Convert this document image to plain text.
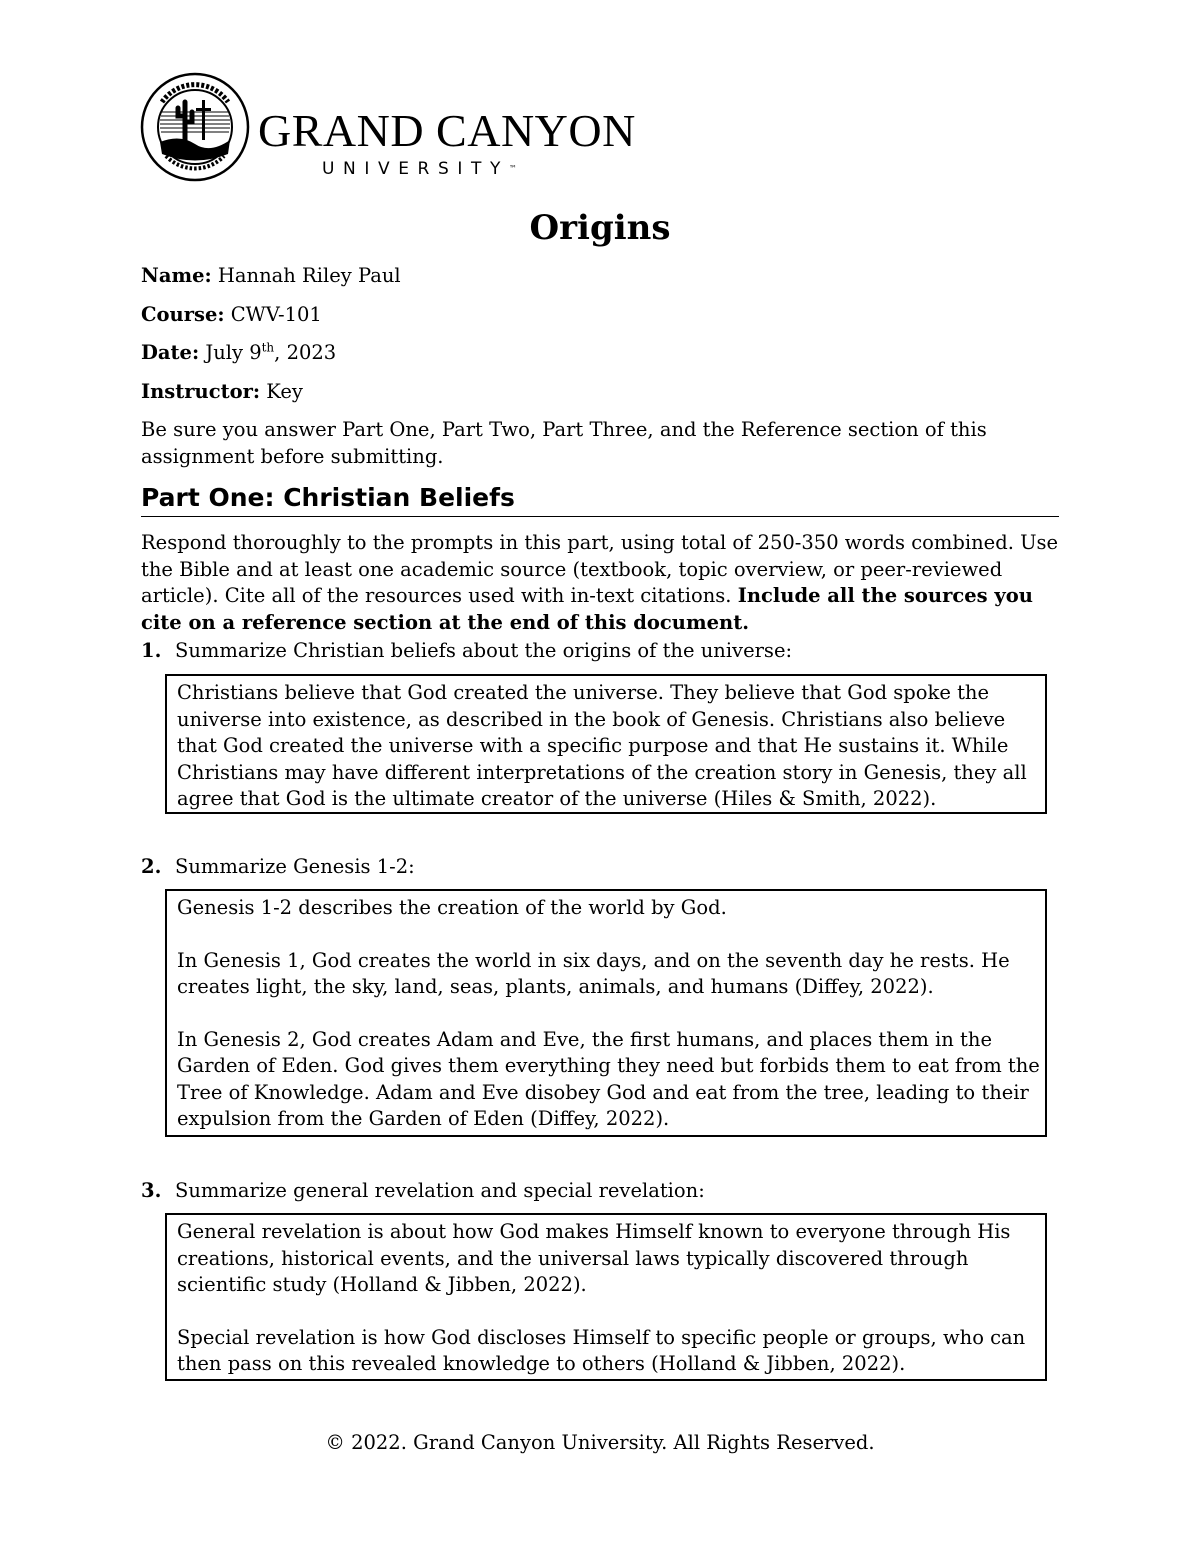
GRAND CANYON
UNIVERSITY™
Origins
Name: Hannah Riley Paul
Course: CWV-101
Date: July 9th, 2023
Instructor: Key
Be sure you answer Part One, Part Two, Part Three, and the Reference section of this assignment before submitting.
Part One: Christian Beliefs
Respond thoroughly to the prompts in this part, using total of 250-350 words combined. Use the Bible and at least one academic source (textbook, topic overview, or peer-reviewed article). Cite all of the resources used with in-text citations. Include all the sources you cite on a reference section at the end of this document.
1. Summarize Christian beliefs about the origins of the universe:

Christians believe that God created the universe. They believe that God spoke the universe into existence, as described in the book of Genesis. Christians also believe that God created the universe with a specific purpose and that He sustains it. While Christians may have different interpretations of the creation story in Genesis, they all agree that God is the ultimate creator of the universe (Hiles & Smith, 2022).

2. Summarize Genesis 1-2:

Genesis 1-2 describes the creation of the world by God.

In Genesis 1, God creates the world in six days, and on the seventh day he rests. He creates light, the sky, land, seas, plants, animals, and humans (Diffey, 2022).

In Genesis 2, God creates Adam and Eve, the first humans, and places them in the Garden of Eden. God gives them everything they need but forbids them to eat from the Tree of Knowledge. Adam and Eve disobey God and eat from the tree, leading to their expulsion from the Garden of Eden (Diffey, 2022).

3. Summarize general revelation and special revelation:

General revelation is about how God makes Himself known to everyone through His creations, historical events, and the universal laws typically discovered through scientific study (Holland & Jibben, 2022).

Special revelation is how God discloses Himself to specific people or groups, who can then pass on this revealed knowledge to others (Holland & Jibben, 2022).

© 2022. Grand Canyon University. All Rights Reserved.
